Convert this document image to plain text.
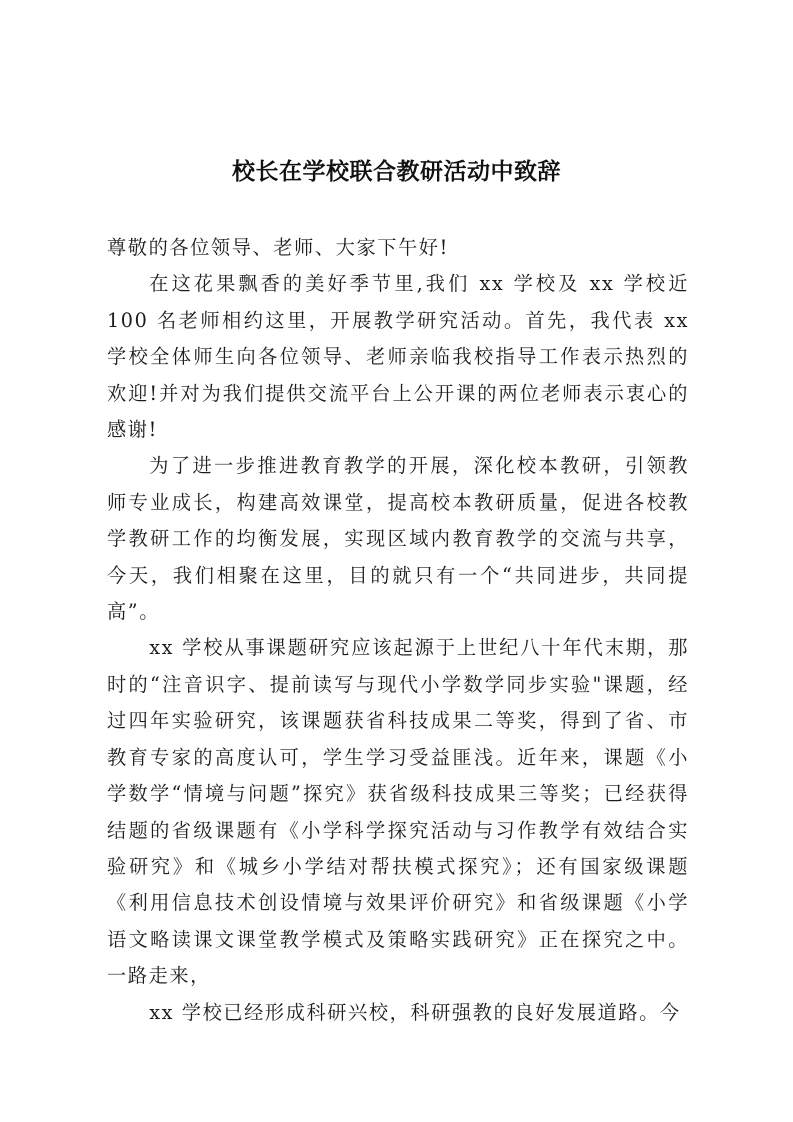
校长在学校联合教研活动中致辞

尊敬的各位领导、老师、大家下午好!

在这花果飘香的美好季节里,我们 xx 学校及 xx 学校近 100 名老师相约这里，开展教学研究活动。首先，我代表 xx 学校全体师生向各位领导、老师亲临我校指导工作表示热烈的欢迎!并对为我们提供交流平台上公开课的两位老师表示衷心的感谢!

为了进一步推进教育教学的开展，深化校本教研，引领教师专业成长，构建高效课堂，提高校本教研质量，促进各校教学教研工作的均衡发展，实现区域内教育教学的交流与共享，今天，我们相聚在这里，目的就只有一个“共同进步，共同提高”。

xx 学校从事课题研究应该起源于上世纪八十年代末期，那时的“注音识字、提前读写与现代小学数学同步实验"课题，经过四年实验研究，该课题获省科技成果二等奖，得到了省、市教育专家的高度认可，学生学习受益匪浅。近年来，课题《小学数学“情境与问题”探究》获省级科技成果三等奖；已经获得结题的省级课题有《小学科学探究活动与习作教学有效结合实验研究》和《城乡小学结对帮扶模式探究》；还有国家级课题《利用信息技术创设情境与效果评价研究》和省级课题《小学语文略读课文课堂教学模式及策略实践研究》正在探究之中。一路走来，

xx 学校已经形成科研兴校，科研强教的良好发展道路。今
